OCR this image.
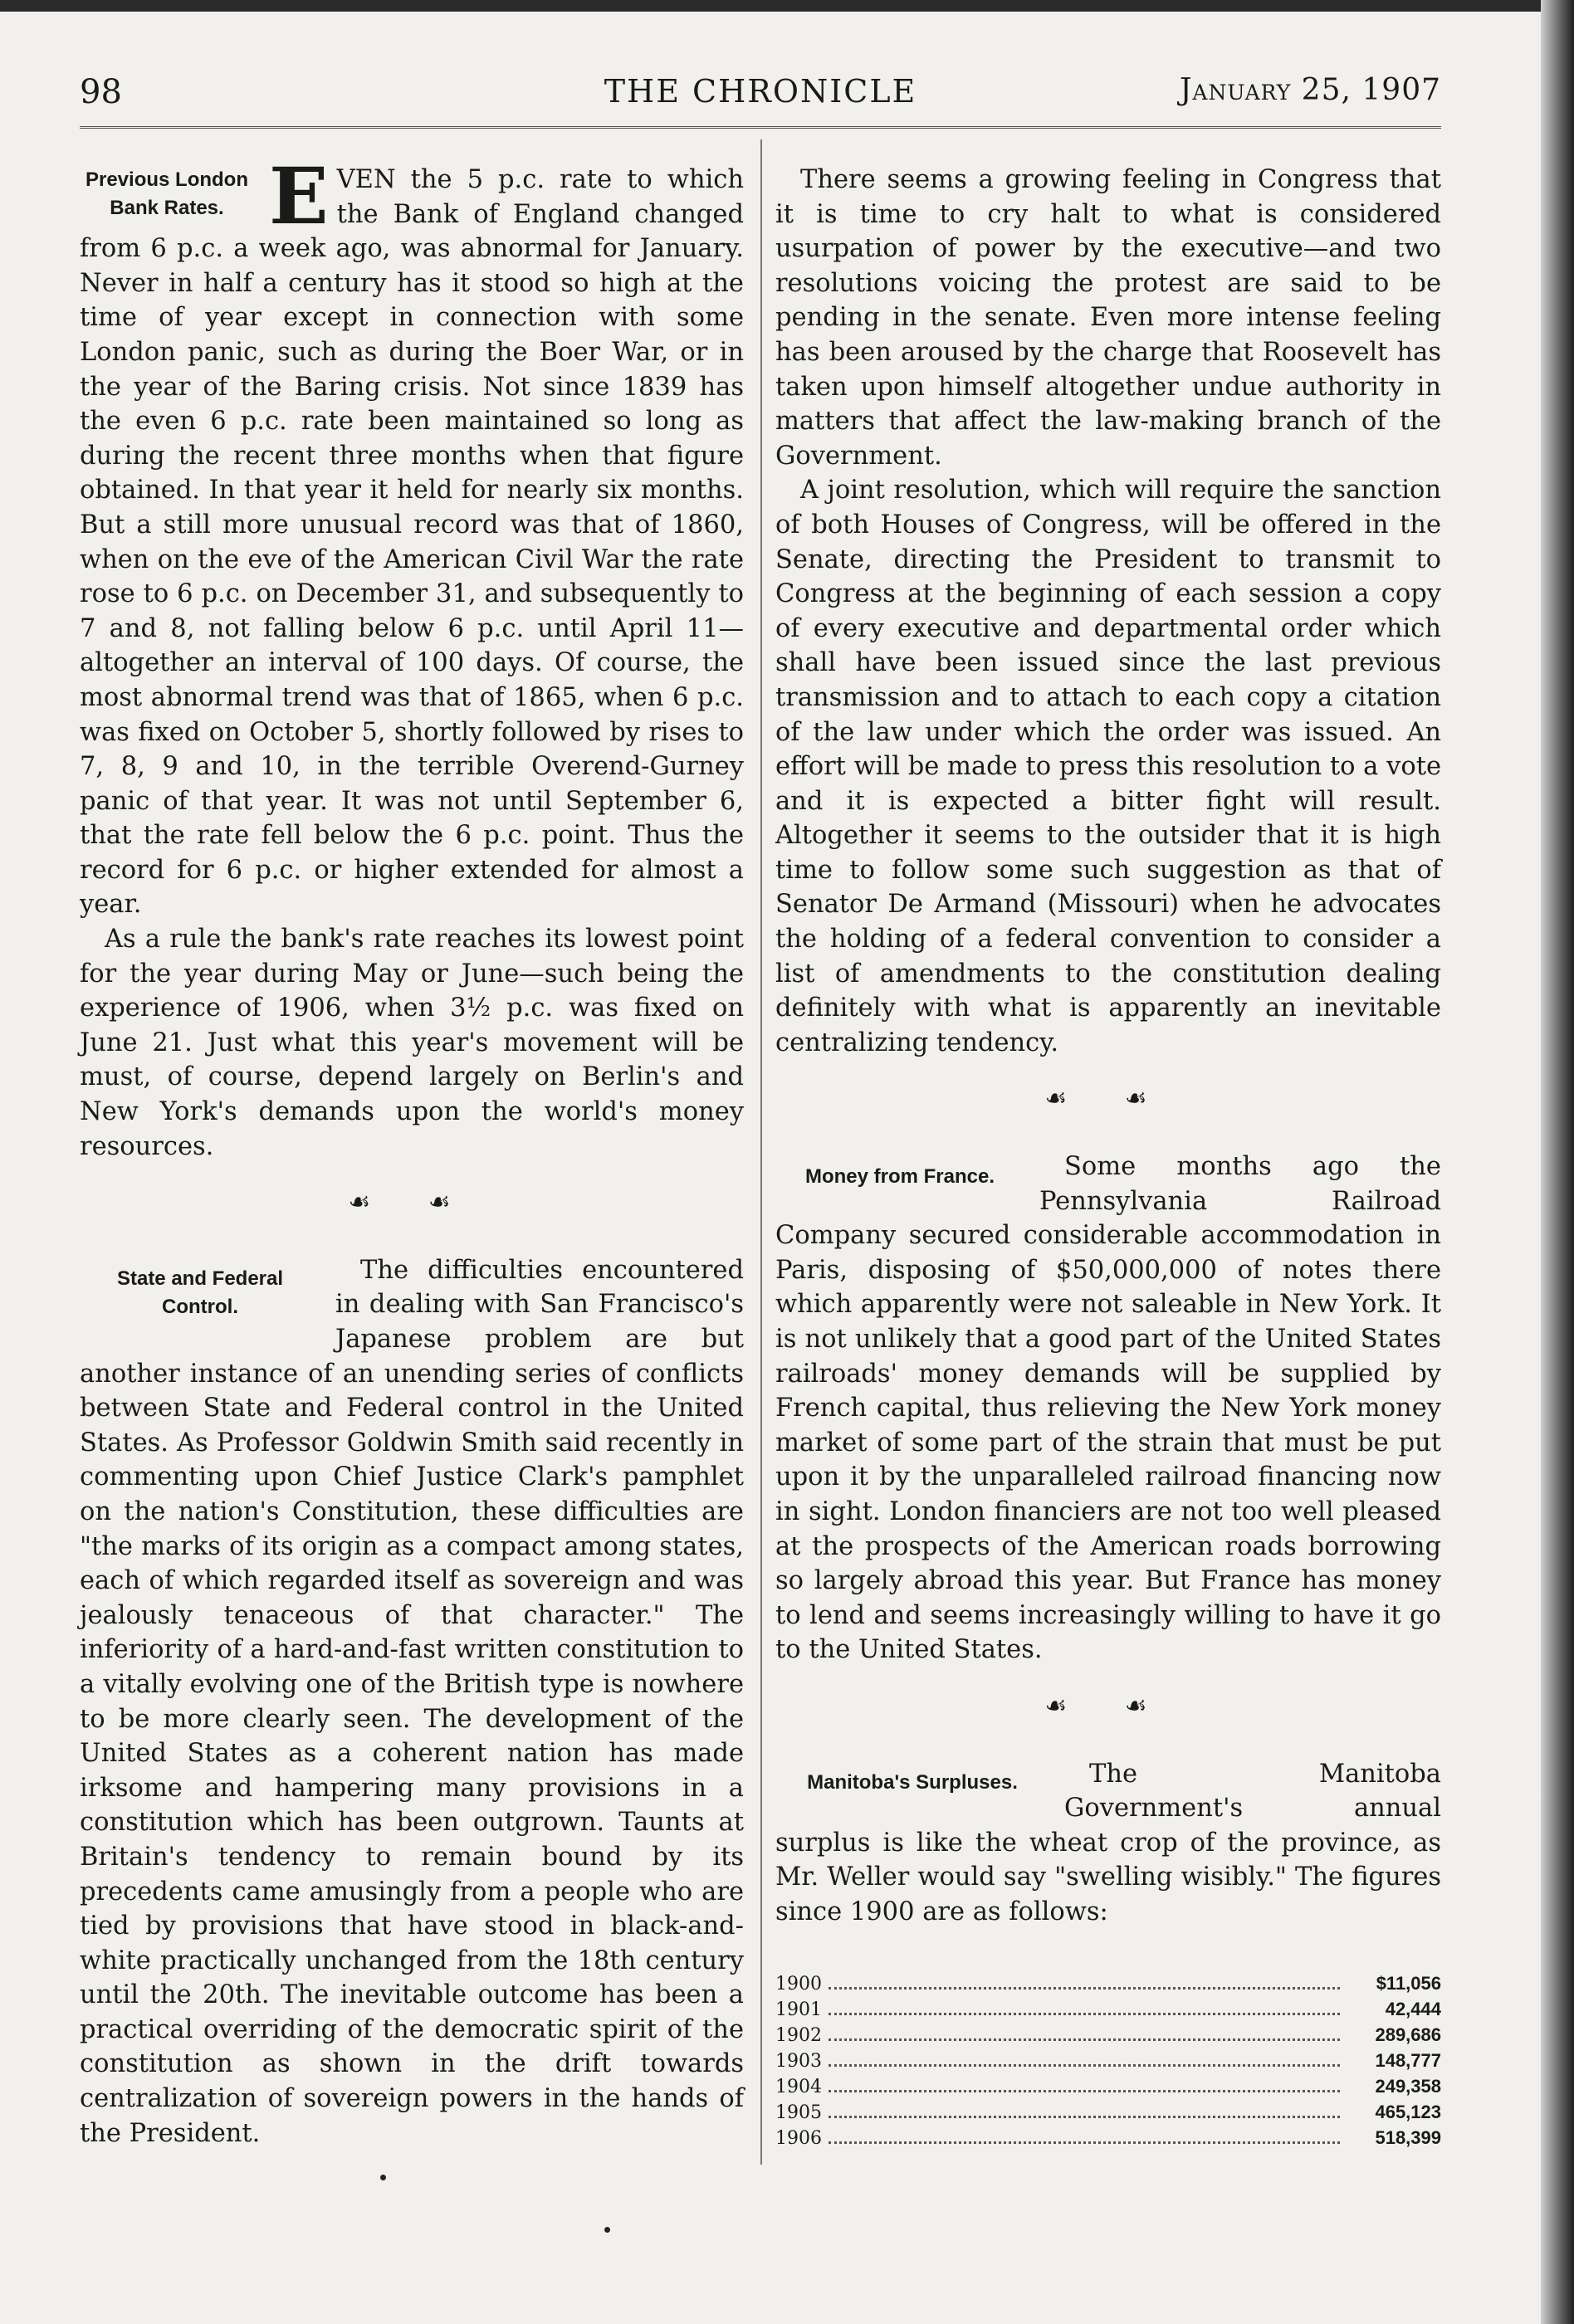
THE CHRONICLE
98	January 25, 1907
Previous London Bank Rates. E VEN the 5 p.c. rate to which the Bank of England changed from 6 p.c. a week ago, was abnormal for January. Never in half a century has it stood so high at the time of year except in connection with some London panic, such as during the Boer War, or in the year of the Baring crisis. Not since 1839 has the even 6 p.c. rate been maintained so long as during the recent three months when that figure obtained. In that year it held for nearly six months. But a still more unusual record was that of 1860, when on the eve of the American Civil War the rate rose to 6 p.c. on December 31, and subsequently to 7 and 8, not falling below 6 p.c. until April 11—altogether an interval of 100 days. Of course, the most abnormal trend was that of 1865, when 6 p.c. was fixed on October 5, shortly followed by rises to 7, 8, 9 and 10, in the terrible Overend-Gurney panic of that year. It was not until September 6, that the rate fell below the 6 p.c. point. Thus the record for 6 p.c. or higher extended for almost a year.

As a rule the bank's rate reaches its lowest point for the year during May or June—such being the experience of 1906, when 3½ p.c. was fixed on June 21. Just what this year's movement will be must, of course, depend largely on Berlin's and New York's demands upon the world's money resources.

☙ ☙
State and Federal Control.

The difficulties encountered in dealing with San Francisco's Japanese problem are but another instance of an unending series of conflicts between State and Federal control in the United States. As Professor Goldwin Smith said recently in commenting upon Chief Justice Clark's pamphlet on the nation's Constitution, these difficulties are "the marks of its origin as a compact among states, each of which regarded itself as sovereign and was jealously tenaceous of that character." The inferiority of a hard-and-fast written constitution to a vitally evolving one of the British type is nowhere to be more clearly seen. The development of the United States as a coherent nation has made irksome and hampering many provisions in a constitution which has been outgrown. Taunts at Britain's tendency to remain bound by its precedents came amusingly from a people who are tied by provisions that have stood in black-and-white practically unchanged from the 18th century until the 20th. The inevitable outcome has been a practical overriding of the democratic spirit of the constitution as shown in the drift towards centralization of sovereign powers in the hands of the President.

There seems a growing feeling in Congress that it is time to cry halt to what is considered usurpation of power by the executive—and two resolutions voicing the protest are said to be pending in the senate. Even more intense feeling has been aroused by the charge that Roosevelt has taken upon himself altogether undue authority in matters that affect the law-making branch of the Government.

A joint resolution, which will require the sanction of both Houses of Congress, will be offered in the Senate, directing the President to transmit to Congress at the beginning of each session a copy of every executive and departmental order which shall have been issued since the last previous transmission and to attach to each copy a citation of the law under which the order was issued. An effort will be made to press this resolution to a vote and it is expected a bitter fight will result. Altogether it seems to the outsider that it is high time to follow some such suggestion as that of Senator De Armand (Missouri) when he advocates the holding of a federal convention to consider a list of amendments to the constitution dealing definitely with what is apparently an inevitable centralizing tendency.

☙ ☙
Money from France.	Some months ago the Pennsylvania Railroad Company secured considerable accommodation in Paris, disposing of $50,000,000 of notes there which apparently were not saleable in New York. It is not unlikely that a good part of the United States railroads' money demands will be supplied by French capital, thus relieving the New York money market of some part of the strain that must be put upon it by the unparalleled railroad financing now in sight. London financiers are not too well pleased at the prospects of the American roads borrowing so largely abroad this year. But France has money to lend and seems increasingly willing to have it go to the United States.

☙ ☙
Manitoba's Surpluses.	The Manitoba Government's annual surplus is like the wheat crop of the province, as Mr. Weller would say "swelling wisibly." The figures since 1900 are as follows:

1900	$11,056
1901	42,444
1902	289,686
1903	148,777
1904	249,358
1905	465,123
1906	518,399
